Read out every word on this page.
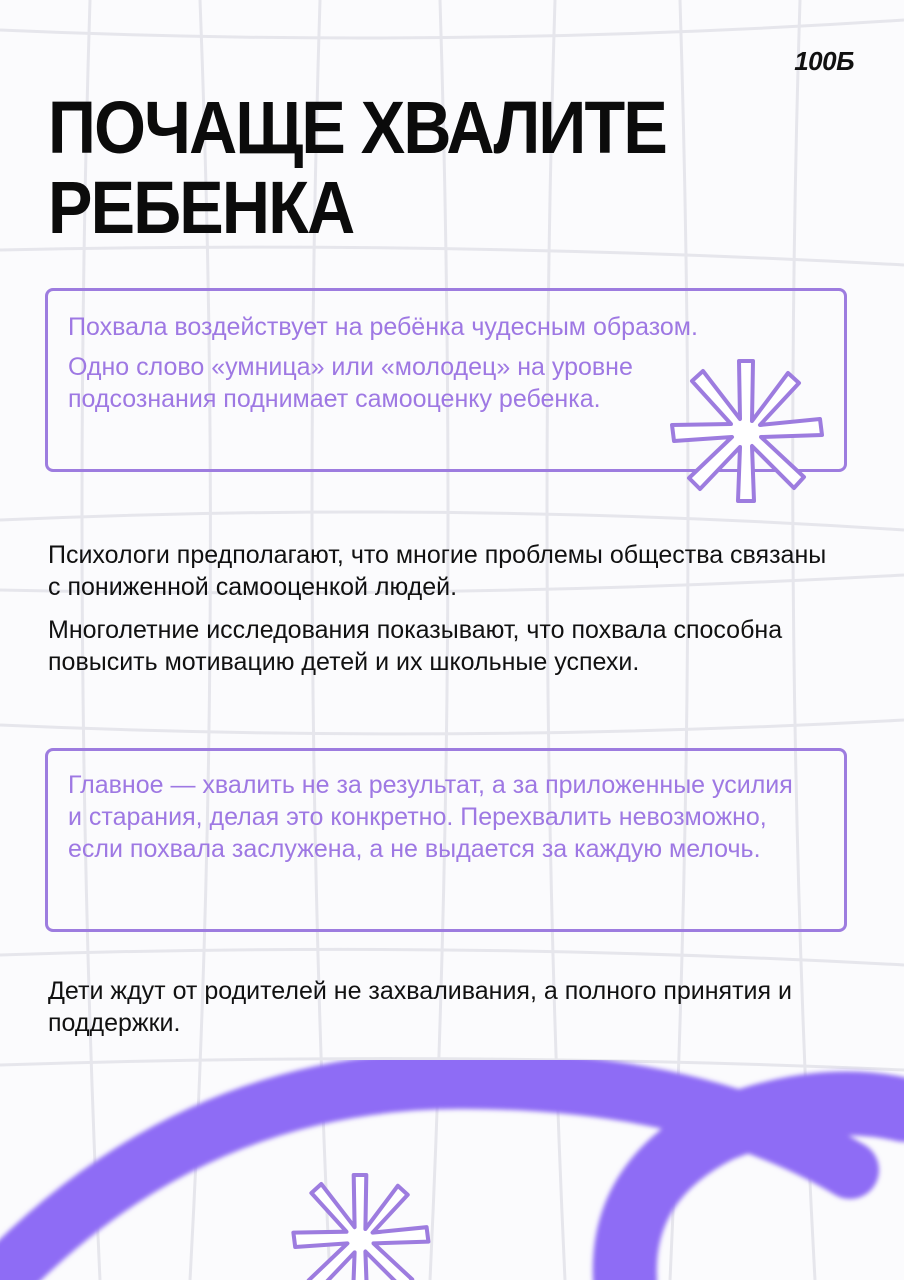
100Б
ПОЧАЩЕ ХВАЛИТЕ
РЕБЕНКА

Похвала воздействует на ребёнка чудесным образом.

Одно слово «умница» или «молодец» на уровне подсознания поднимает самооценку ребенка.

Психологи предполагают, что многие проблемы общества связаны с пониженной самооценкой людей.

Многолетние исследования показывают, что похвала способна повысить мотивацию детей и их школьные успехи.

Главное — хвалить не за результат, а за приложенные усилия и старания, делая это конкретно. Перехвалить невозможно, если похвала заслужена, а не выдается за каждую мелочь.

Дети ждут от родителей не захваливания, а полного принятия и поддержки.
